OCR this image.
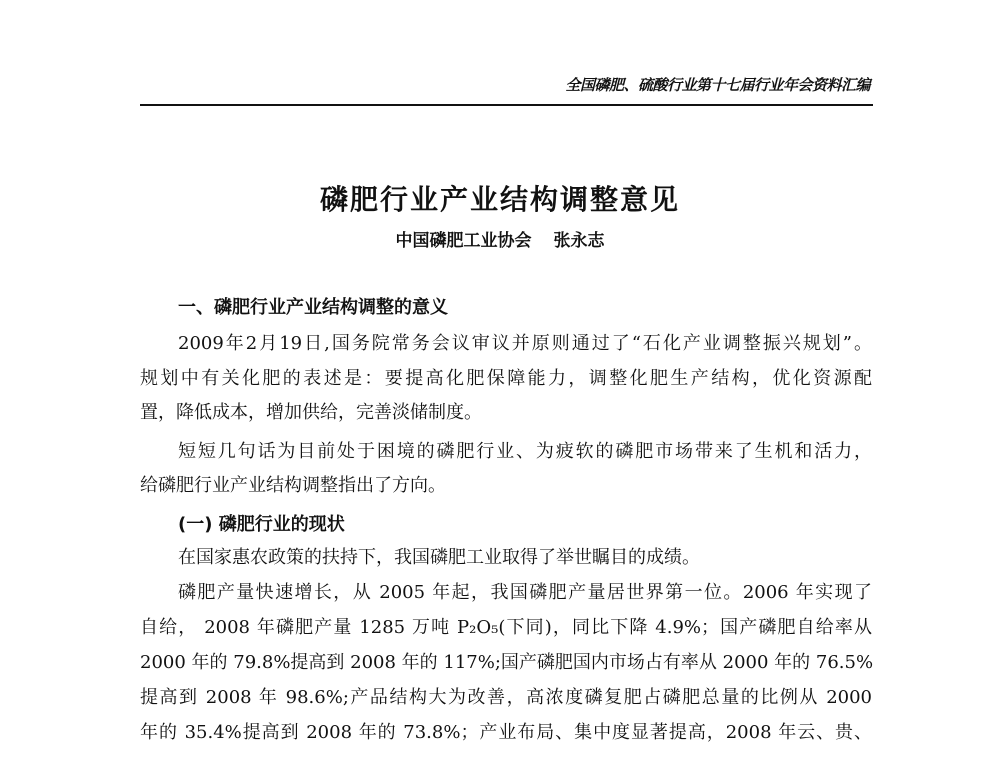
全国磷肥、硫酸行业第十七届行业年会资料汇编
磷肥行业产业结构调整意见
中国磷肥工业协会 张永志
一、磷肥行业产业结构调整的意义
2009年2月19日,国务院常务会议审议并原则通过了“石化产业调整振兴规划”。
规划中有关化肥的表述是：要提高化肥保障能力，调整化肥生产结构，优化资源配
置，降低成本，增加供给，完善淡储制度。
短短几句话为目前处于困境的磷肥行业、为疲软的磷肥市场带来了生机和活力，
给磷肥行业产业结构调整指出了方向。
(一) 磷肥行业的现状
在国家惠农政策的扶持下，我国磷肥工业取得了举世瞩目的成绩。
磷肥产量快速增长，从 2005 年起，我国磷肥产量居世界第一位。2006 年实现了
自给， 2008 年磷肥产量 1285 万吨 P₂O₅(下同)，同比下降 4.9%；国产磷肥自给率从
2000 年的 79.8%提高到 2008 年的 117%;国产磷肥国内市场占有率从 2000 年的 76.5%
提高到 2008 年 98.6%;产品结构大为改善，高浓度磷复肥占磷肥总量的比例从 2000
年的 35.4%提高到 2008 年的 73.8%；产业布局、集中度显著提高，2008 年云、贵、
